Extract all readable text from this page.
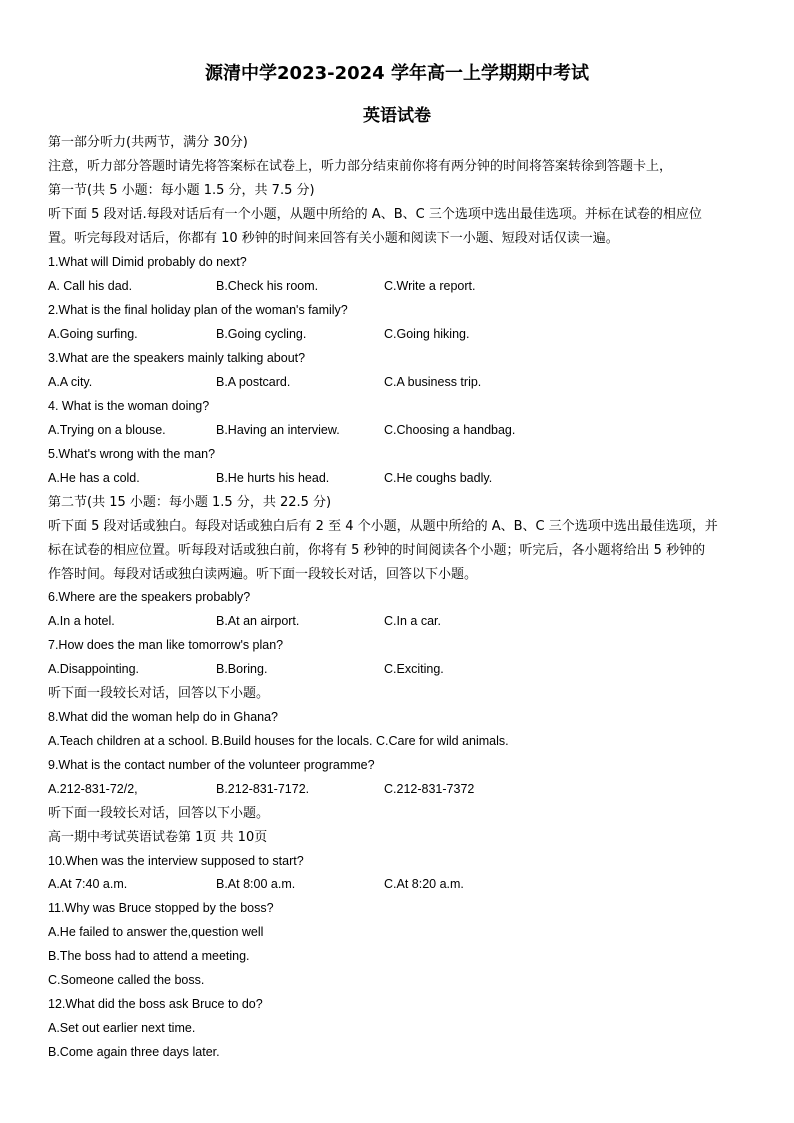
源清中学2023-2024 学年高一上学期期中考试
英语试卷
第一部分听力(共两节，满分 30分)
注意，听力部分答题时请先将答案标在试卷上，听力部分结束前你将有两分钟的时间将答案转徐到答题卡上，
第一节(共 5 小题：每小题 1.5 分，共 7.5 分)
听下面 5 段对话.每段对话后有一个小题，从题中所给的 A、B、C 三个选项中选出最佳选项。并标在试卷的相应位
置。听完每段对话后，你都有 10 秒钟的时间来回答有关小题和阅读下一小题、短段对话仅读一遍。
1.What will Dimid probably do next?
A. Call his dad.	B.Check his room.	C.Write a report.
2.What is the final holiday plan of the woman's family?
A.Going surfing.	B.Going cycling.	C.Going hiking.
3.What are the speakers mainly talking about?
A.A city.	B.A postcard.	C.A business trip.
4. What is the woman doing?
A.Trying on a blouse.	B.Having an interview.	C.Choosing a handbag.
5.What's wrong with the man?
A.He has a cold.	B.He hurts his head.	C.He coughs badly.
第二节(共 15 小题：每小题 1.5 分，共 22.5 分)
听下面 5 段对话或独白。每段对话或独白后有 2 至 4 个小题，从题中所给的 A、B、C 三个选项中选出最佳选项，并
标在试卷的相应位置。听每段对话或独白前，你将有 5 秒钟的时间阅读各个小题；听完后，各小题将给出 5 秒钟的
作答时间。每段对话或独白读两遍。听下面一段较长对话，回答以下小题。
6.Where are the speakers probably?
A.In a hotel.	B.At an airport.	C.In a car.
7.How does the man like tomorrow's plan?
A.Disappointing.	B.Boring.	C.Exciting.
听下面一段较长对话，回答以下小题。
8.What did the woman help do in Ghana?
A.Teach children at a school. B.Build houses for the locals. C.Care for wild animals.
9.What is the contact number of the volunteer programme?
A.212-831-72/2,	B.212-831-7172.	C.212-831-7372
听下面一段较长对话，回答以下小题。
高一期中考试英语试卷第 1页 共 10页
10.When was the interview supposed to start?
A.At 7:40 a.m.	B.At 8:00 a.m.	C.At 8:20 a.m.
11.Why was Bruce stopped by the boss?
A.He failed to answer the,question well
B.The boss had to attend a meeting.
C.Someone called the boss.
12.What did the boss ask Bruce to do?
A.Set out earlier next time.
B.Come again three days later.
